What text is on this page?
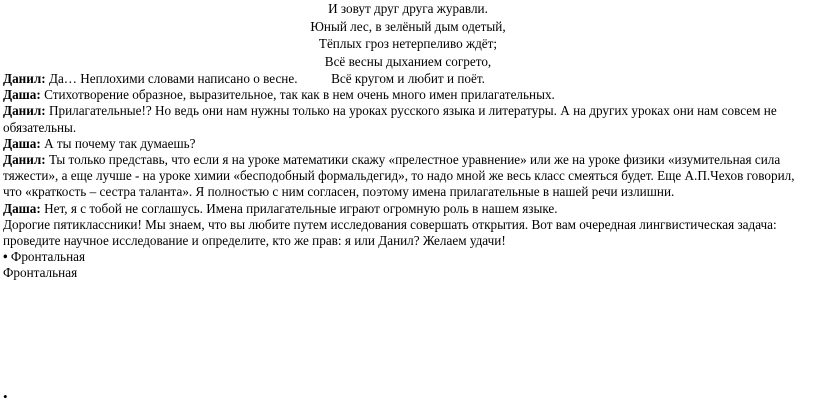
И зовут друг друга журавли.
Юный лес, в зелёный дым одетый,
Тёплых гроз нетерпеливо ждёт;
Всё весны дыханием согрето,
Всё кругом и любит и поёт.

Данил: Да… Неплохими словами написано о весне.

Даша: Стихотворение образное, выразительное, так как в нем очень много имен прилагательных.

Данил: Прилагательные!? Но ведь они нам нужны только на уроках русского языка и литературы. А на других уроках они нам совсем не обязательны.

Даша: А ты почему так думаешь?

Данил: Ты только представь, что если я на уроке математики скажу «прелестное уравнение» или же на уроке физики «изумительная сила тяжести», а еще лучше - на уроке химии «бесподобный формальдегид», то надо мной же весь класс смеяться будет. Еще А.П.Чехов говорил, что «краткость – сестра таланта». Я полностью с ним согласен, поэтому имена прилагательные в нашей речи излишни.

Даша: Нет, я с тобой не соглашусь. Имена прилагательные играют огромную роль в нашем языке.

Дорогие пятиклассники! Мы знаем, что вы любите путем исследования совершать открытия. Вот вам очередная лингвистическая задача: проведите научное исследование и определите, кто же прав: я или Данил? Желаем удачи!

• Фронтальная
Фронтальная
•
